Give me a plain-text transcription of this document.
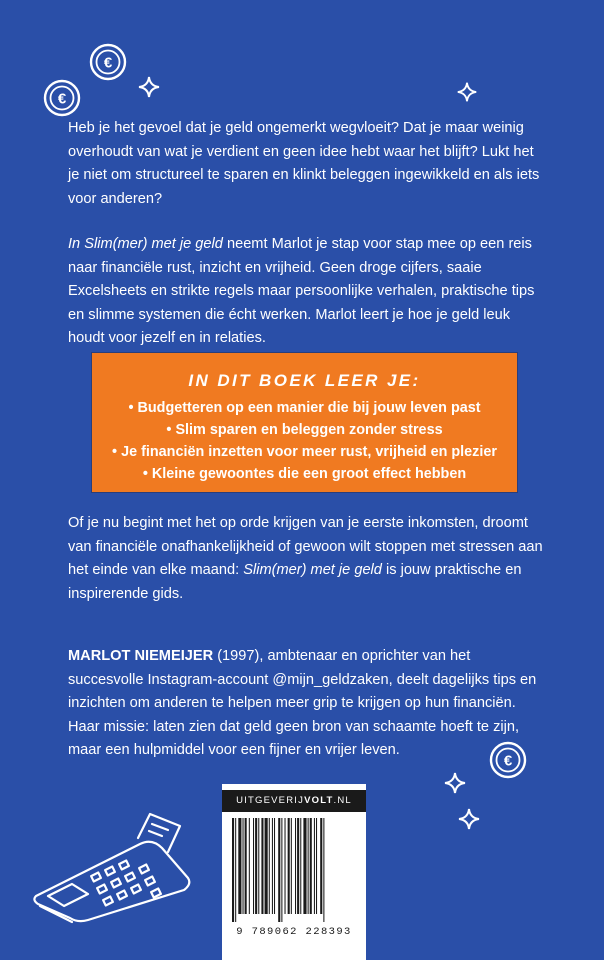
€
€

Heb je het gevoel dat je geld ongemerkt wegvloeit? Dat je maar weinig overhoudt van wat je verdient en geen idee hebt waar het blijft? Lukt het je niet om structureel te sparen en klinkt beleggen ingewikkeld en als iets voor anderen?

In Slim(mer) met je geld neemt Marlot je stap voor stap mee op een reis naar financiële rust, inzicht en vrijheid. Geen droge cijfers, saaie Excelsheets en strikte regels maar persoonlijke verhalen, praktische tips en slimme systemen die écht werken. Marlot leert je hoe je geld leuk houdt voor jezelf en in relaties.

IN DIT BOEK LEER JE:
• Budgetteren op een manier die bij jouw leven past
• Slim sparen en beleggen zonder stress
• Je financiën inzetten voor meer rust, vrijheid en plezier
• Kleine gewoontes die een groot effect hebben

Of je nu begint met het op orde krijgen van je eerste inkomsten, droomt van financiële onafhankelijkheid of gewoon wilt stoppen met stressen aan het einde van elke maand: Slim(mer) met je geld is jouw praktische en inspirerende gids.

MARLOT NIEMEIJER (1997), ambtenaar en oprichter van het succesvolle Instagram-account @mijn_geldzaken, deelt dagelijks tips en inzichten om anderen te helpen meer grip te krijgen op hun financiën. Haar missie: laten zien dat geld geen bron van schaamte hoeft te zijn, maar een hulpmiddel voor een fijner en vrijer leven.

€
UITGEVERIJVOLT.NL
9 789062 228393
